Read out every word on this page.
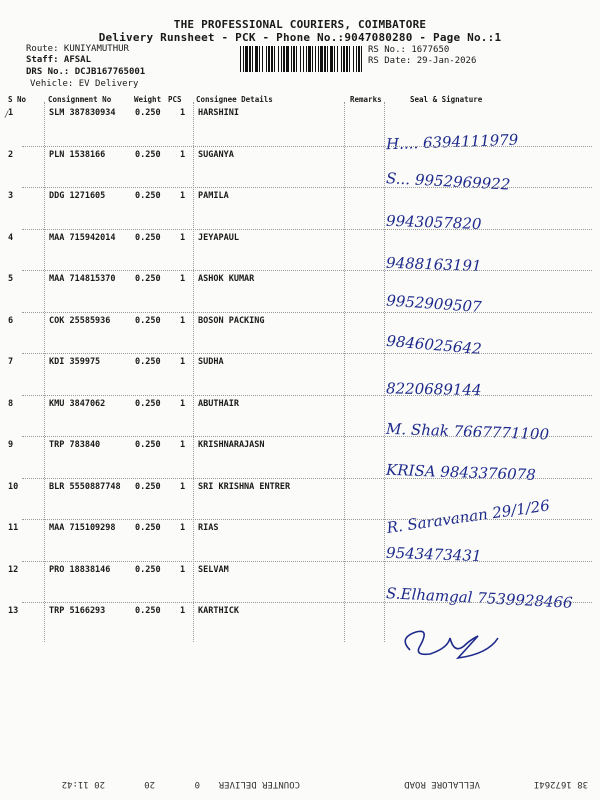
THE PROFESSIONAL COURIERS, COIMBATORE
Delivery Runsheet - PCK - Phone No.:9047080280 - Page No.:1
Route: KUNIYAMUTHUR
Staff: AFSAL
DRS No.: DCJB167765001
Vehicle: EV Delivery
RS No.: 1677650
RS Date: 29-Jan-2026
S No	Consignment No	Weight PCS Consignee Details	Remarks	Seal & Signature
/
1	SLM 387830934 0.250 1 HARSHINI
H.... 6394111979
2	PLN 1538166	0.250 1 SUGANYA
S... 9952969922
3	DDG 1271605	0.250 1 PAMILA
9943057820
4	MAA 715942014 0.250 1 JEYAPAUL
9488163191
5	MAA 714815370 0.250 1 ASHOK KUMAR
9952909507
6	COK 25585936	0.250 1 BOSON PACKING
9846025642
7	KDI 359975	0.250 1 SUDHA
8220689144
8	KMU 3847062	0.250 1 ABUTHAIR
M. Shak 7667771100
9	TRP 783840	0.250 1 KRISHNARAJASN
KRISA 9843376078
10	BLR 5550887748 0.250 1 SRI KRISHNA ENTRER
R. Saravanan 29/1/26
11	MAA 715109298 0.250 1 RIAS
9543473431
12	PRO 18838146	0.250 1 SELVAM
S.Elhamgal 7539928466
13	TRP 5166293	0.250 1 KARTHICK
38 167264I
VELLALORE ROAD
COUNTER DELIVER
0
20
20 11:42
